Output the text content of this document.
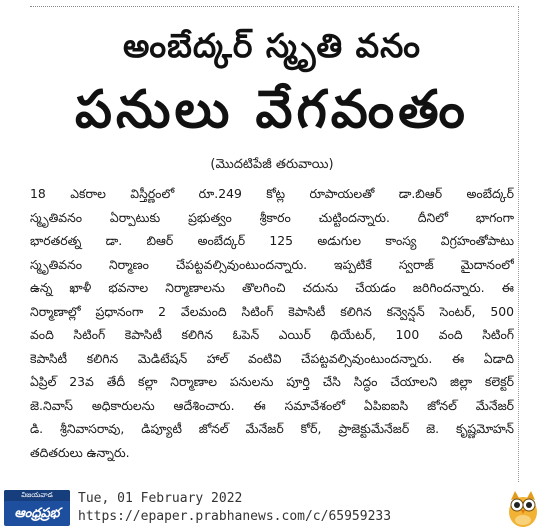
అంబేద్కర్ స్మృతి వనం
పనులు వేగవంతం
(మొదటిపేజీ తరువాయి)
18 ఎకరాల విస్తీర్ణంలో రూ.249 కోట్ల రూపాయలతో డా.బిఆర్ అంబేద్కర్
స్మృతివనం ఏర్పాటుకు ప్రభుత్వం శ్రీకారం చుట్టిందన్నారు. దీనిలో భాగంగా
భారతరత్న డా. బిఆర్ అంబేద్కర్ 125 అడుగుల కాంస్య విగ్రహంతోపాటు
స్మృతివనం నిర్మాణం చేపట్టవల్సివుంటుందన్నారు. ఇప్పటికే స్వరాజ్ మైదానంలో
ఉన్న ఖాళీ భవనాల నిర్మాణాలను తొలగించి చదును చేయడం జరిగిందన్నారు. ఈ
నిర్మాణాల్లో ప్రధానంగా 2 వేలమంది సిటింగ్ కెపాసిటీ కలిగిన కన్వెన్షన్ సెంటర్, 500
వంది సిటింగ్ కెపాసిటీ కలిగిన ఓపెన్ ఎయిర్ థియేటర్, 100 వంది సిటింగ్
కెపాసిటీ కలిగిన మెడిటేషన్ హాల్ వంటివి చేపట్టవల్సివుంటుందన్నారు. ఈ ఏడాది
ఏప్రిల్ 23వ తేదీ కల్లా నిర్మాణాల పనులను పూర్తి చేసి సిద్ధం చేయాలని జిల్లా కలెక్టర్
జె.నివాస్ అధికారులను ఆదేశించారు. ఈ సమావేశంలో ఏపిఐఐసి జోనల్ మేనేజర్
డి. శ్రీనివాసరావు, డిప్యూటీ జోనల్ మేనేజర్ కోర్, ప్రాజెక్టుమేనేజర్ జె. కృష్ణమోహన్
తదితరులు ఉన్నారు.
విజయవాడ
ఆంధ్రప్రభ
Tue, 01 February 2022
https://epaper.prabhanews.com/c/65959233
